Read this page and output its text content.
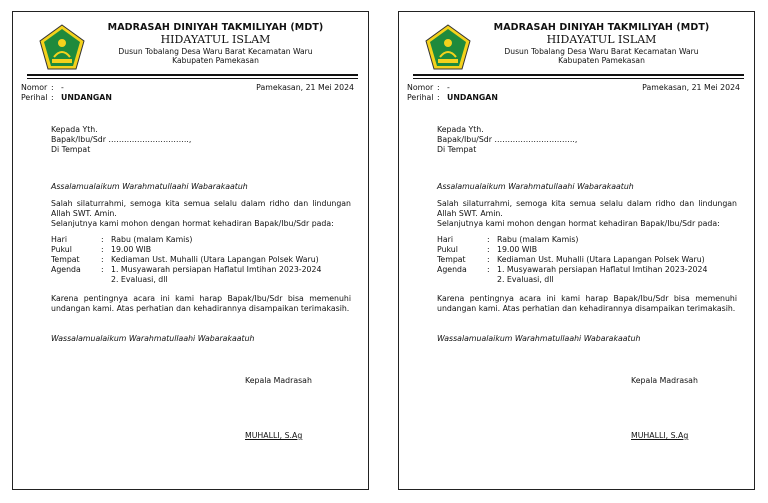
MADRASAH DINIYAH TAKMILIYAH (MDT)
HIDAYATUL ISLAM
Dusun Tobalang Desa Waru Barat Kecamatan Waru
Kabupaten Pamekasan
Nomor : -
Perihal : UNDANGAN
Pamekasan, 21 Mei 2024
Kepada Yth.
Bapak/Ibu/Sdr ………………………….,
Di Tempat
Assalamualaikum Warahmatullaahi Wabarakaatuh
Salah silaturrahmi, semoga kita semua selalu dalam ridho dan lindungan Allah SWT. Amin.
Selanjutnya kami mohon dengan hormat kehadiran Bapak/Ibu/Sdr pada:
Hari	: Rabu (malam Kamis)
Pukul	: 19.00 WIB
Tempat	: Kediaman Ust. Muhalli (Utara Lapangan Polsek Waru)
Agenda	: 1. Musyawarah persiapan Haflatul Imtihan 2023-2024
2. Evaluasi, dll
Karena pentingnya acara ini kami harap Bapak/Ibu/Sdr bisa memenuhi undangan kami. Atas perhatian dan kehadirannya disampaikan terimakasih.
Wassalamualaikum Warahmatullaahi Wabarakaatuh
Kepala Madrasah
MUHALLI, S.Ag
MADRASAH DINIYAH TAKMILIYAH (MDT)
HIDAYATUL ISLAM
Dusun Tobalang Desa Waru Barat Kecamatan Waru
Kabupaten Pamekasan
Nomor : -
Perihal : UNDANGAN
Pamekasan, 21 Mei 2024
Kepada Yth.
Bapak/Ibu/Sdr ………………………….,
Di Tempat
Assalamualaikum Warahmatullaahi Wabarakaatuh
Salah silaturrahmi, semoga kita semua selalu dalam ridho dan lindungan Allah SWT. Amin.
Selanjutnya kami mohon dengan hormat kehadiran Bapak/Ibu/Sdr pada:
Hari	: Rabu (malam Kamis)
Pukul	: 19.00 WIB
Tempat	: Kediaman Ust. Muhalli (Utara Lapangan Polsek Waru)
Agenda	: 1. Musyawarah persiapan Haflatul Imtihan 2023-2024
2. Evaluasi, dll
Karena pentingnya acara ini kami harap Bapak/Ibu/Sdr bisa memenuhi undangan kami. Atas perhatian dan kehadirannya disampaikan terimakasih.
Wassalamualaikum Warahmatullaahi Wabarakaatuh
Kepala Madrasah
MUHALLI, S.Ag
